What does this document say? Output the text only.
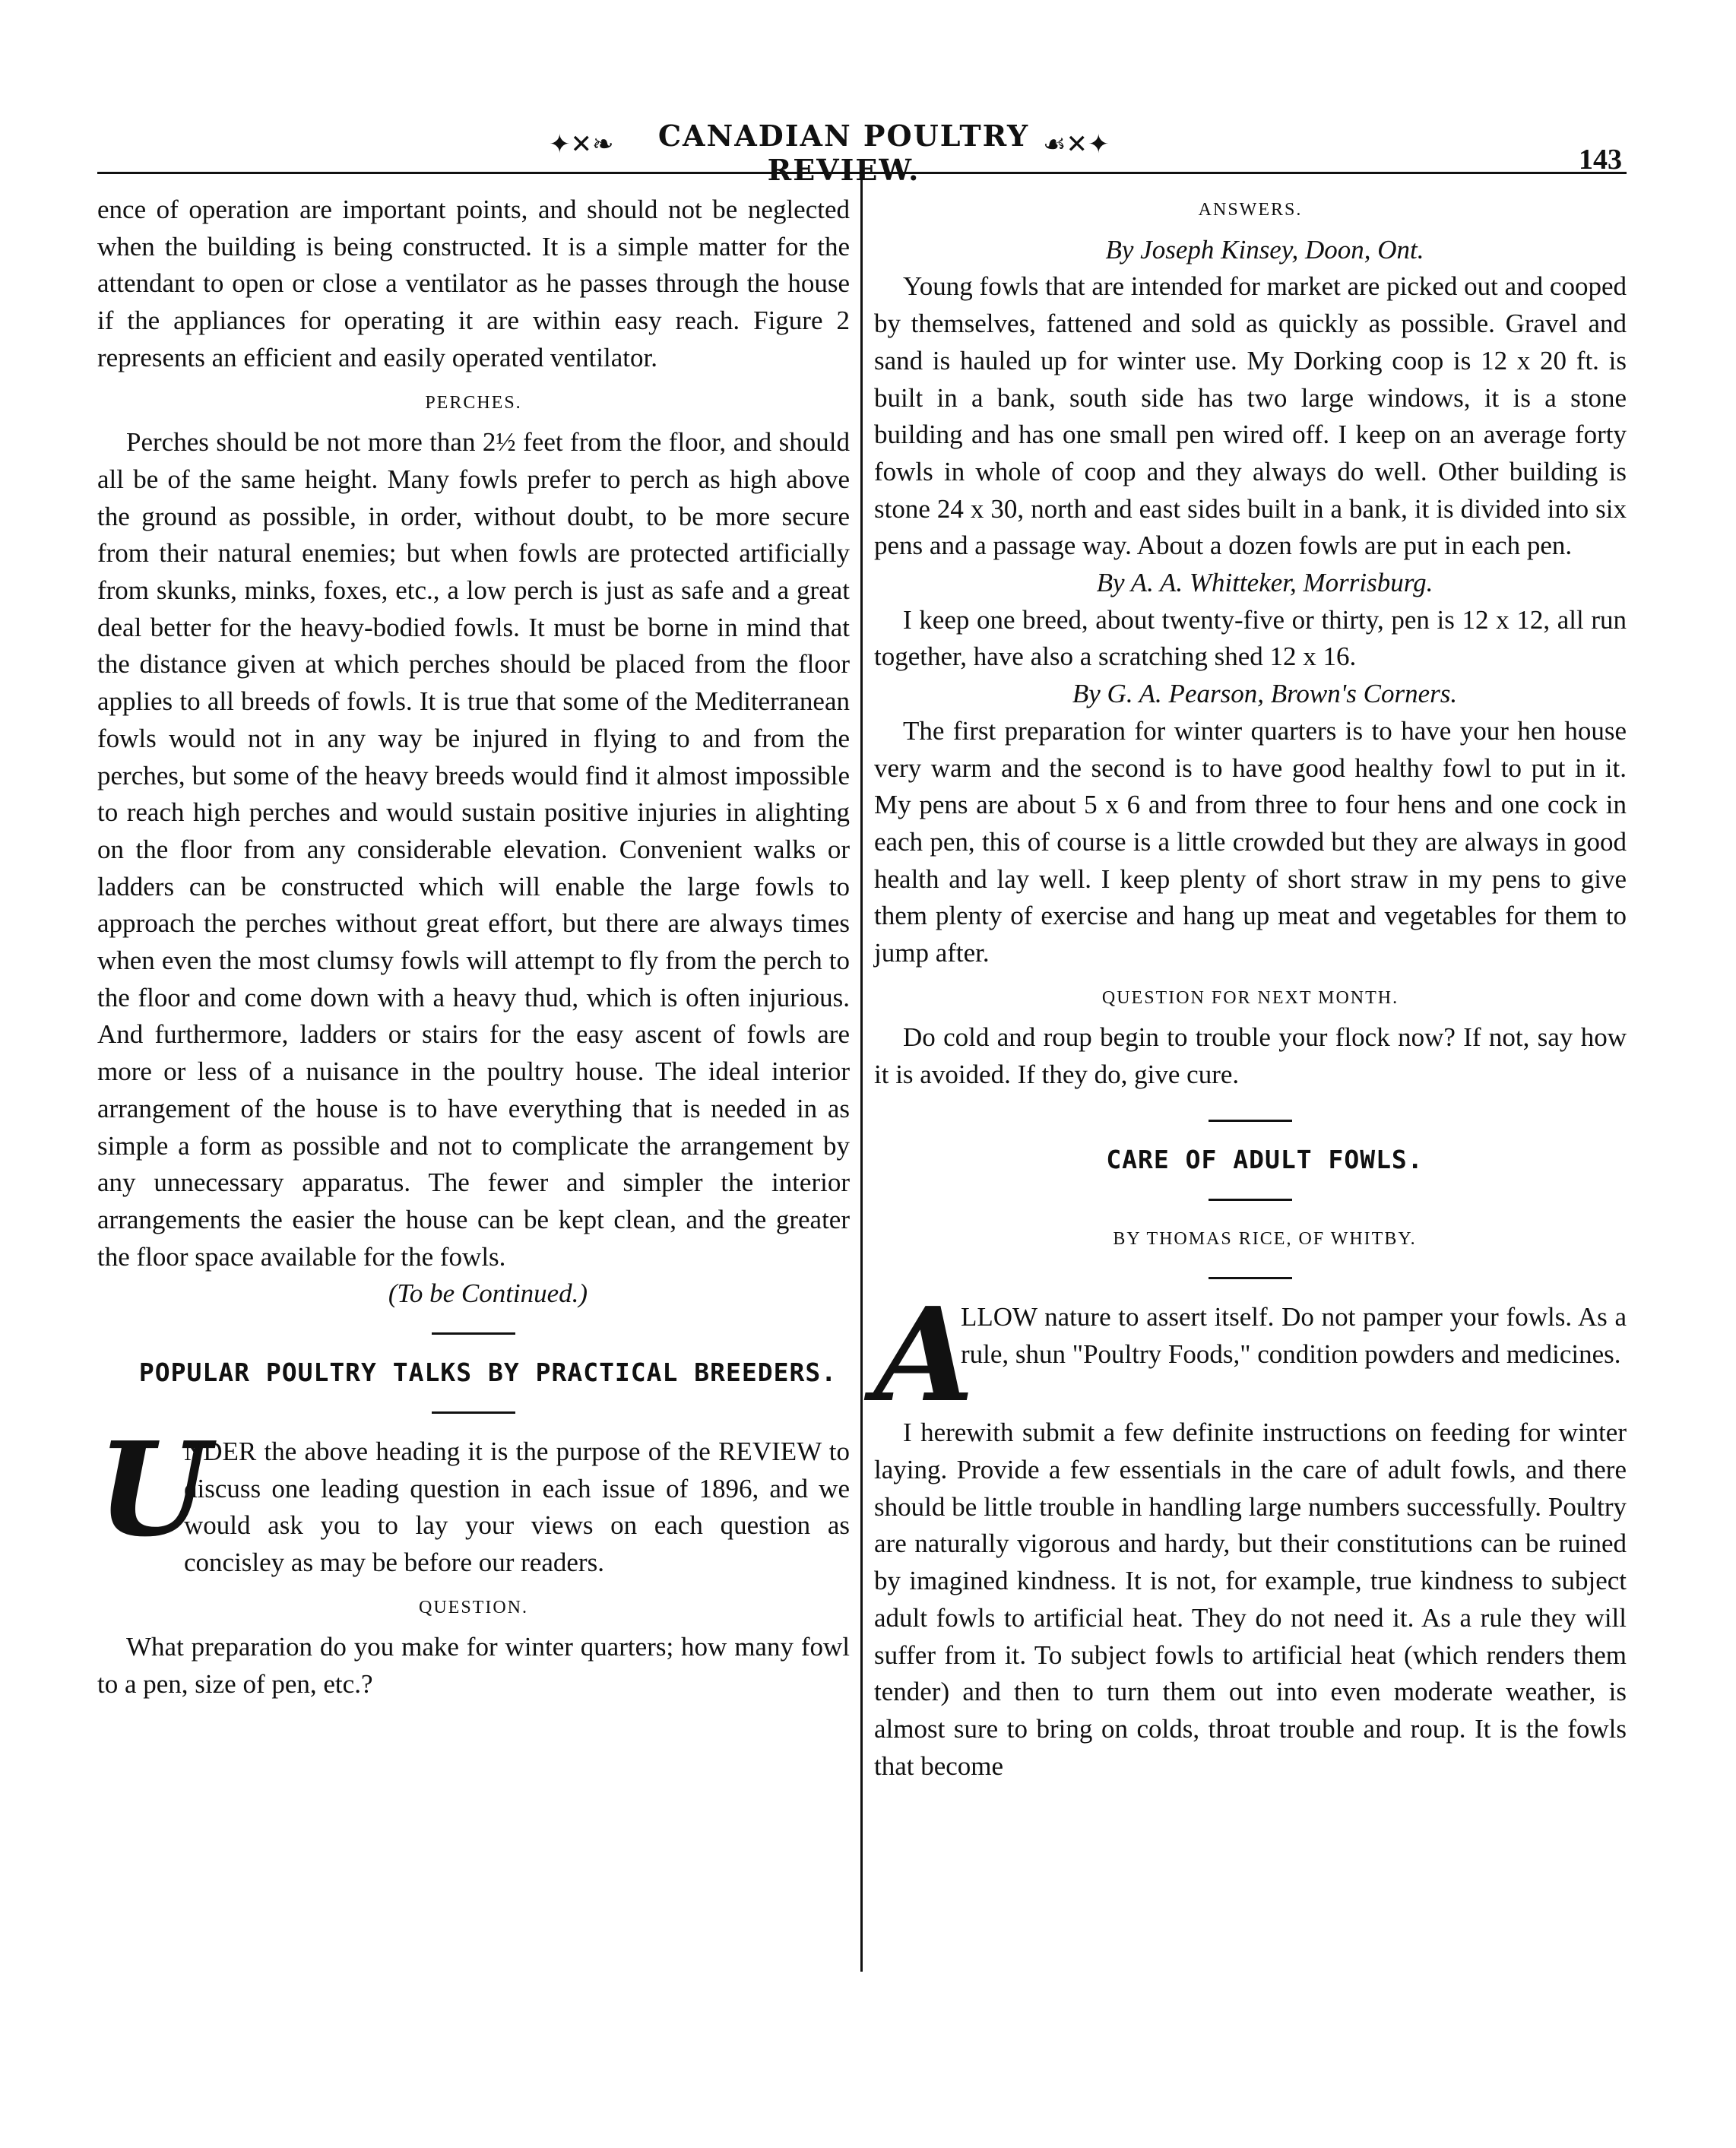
✦✕❧	CANADIAN POULTRY REVIEW.
☙✕✦	143

ence of operation are important points, and should not be neglected when the building is being constructed. It is a simple matter for the attendant to open or close a ventilator as he passes through the house if the appliances for operating it are within easy reach. Figure 2 represents an efficient and easily operated ventilator.

PERCHES.

Perches should be not more than 2½ feet from the floor, and should all be of the same height. Many fowls prefer to perch as high above the ground as possible, in order, without doubt, to be more secure from their natural enemies; but when fowls are protected artificially from skunks, minks, foxes, etc., a low perch is just as safe and a great deal better for the heavy-bodied fowls. It must be borne in mind that the distance given at which perches should be placed from the floor applies to all breeds of fowls. It is true that some of the Mediterranean fowls would not in any way be injured in flying to and from the perches, but some of the heavy breeds would find it almost impossible to reach high perches and would sustain positive injuries in alighting on the floor from any considerable elevation. Convenient walks or ladders can be constructed which will enable the large fowls to approach the perches without great effort, but there are always times when even the most clumsy fowls will attempt to fly from the perch to the floor and come down with a heavy thud, which is often injurious. And furthermore, ladders or stairs for the easy ascent of fowls are more or less of a nuisance in the poultry house. The ideal interior arrangement of the house is to have everything that is needed in as simple a form as possible and not to complicate the arrangement by any unnecessary apparatus. The fewer and simpler the interior arrangements the easier the house can be kept clean, and the greater the floor space available for the fowls.

(To be Continued.)

POPULAR POULTRY TALKS BY PRACTICAL BREEDERS.

U

NDER the above heading it is the purpose of the REVIEW to discuss one leading question in each issue of 1896, and we would ask you to lay your views on each question as concisley as may be before our readers.

QUESTION.

What preparation do you make for winter quarters; how many fowl to a pen, size of pen, etc.?

ANSWERS.

By Joseph Kinsey, Doon, Ont.

Young fowls that are intended for market are picked out and cooped by themselves, fattened and sold as quickly as possible. Gravel and sand is hauled up for winter use. My Dorking coop is 12 x 20 ft. is built in a bank, south side has two large windows, it is a stone building and has one small pen wired off. I keep on an average forty fowls in whole of coop and they always do well. Other building is stone 24 x 30, north and east sides built in a bank, it is divided into six pens and a passage way. About a dozen fowls are put in each pen.

By A. A. Whitteker, Morrisburg.

I keep one breed, about twenty-five or thirty, pen is 12 x 12, all run together, have also a scratching shed 12 x 16.

By G. A. Pearson, Brown's Corners.

The first preparation for winter quarters is to have your hen house very warm and the second is to have good healthy fowl to put in it. My pens are about 5 x 6 and from three to four hens and one cock in each pen, this of course is a little crowded but they are always in good health and lay well. I keep plenty of short straw in my pens to give them plenty of exercise and hang up meat and vegetables for them to jump after.

QUESTION FOR NEXT MONTH.

Do cold and roup begin to trouble your flock now? If not, say how it is avoided. If they do, give cure.

CARE OF ADULT FOWLS.

BY THOMAS RICE, OF WHITBY.

A

LLOW nature to assert itself. Do not pamper your fowls. As a rule, shun "Poultry Foods," condition powders and medicines.

I herewith submit a few definite instructions on feeding for winter laying. Provide a few essentials in the care of adult fowls, and there should be little trouble in handling large numbers successfully. Poultry are naturally vigorous and hardy, but their constitutions can be ruined by imagined kindness. It is not, for example, true kindness to subject adult fowls to artificial heat. They do not need it. As a rule they will suffer from it. To subject fowls to artificial heat (which renders them tender) and then to turn them out into even moderate weather, is almost sure to bring on colds, throat trouble and roup. It is the fowls that become
